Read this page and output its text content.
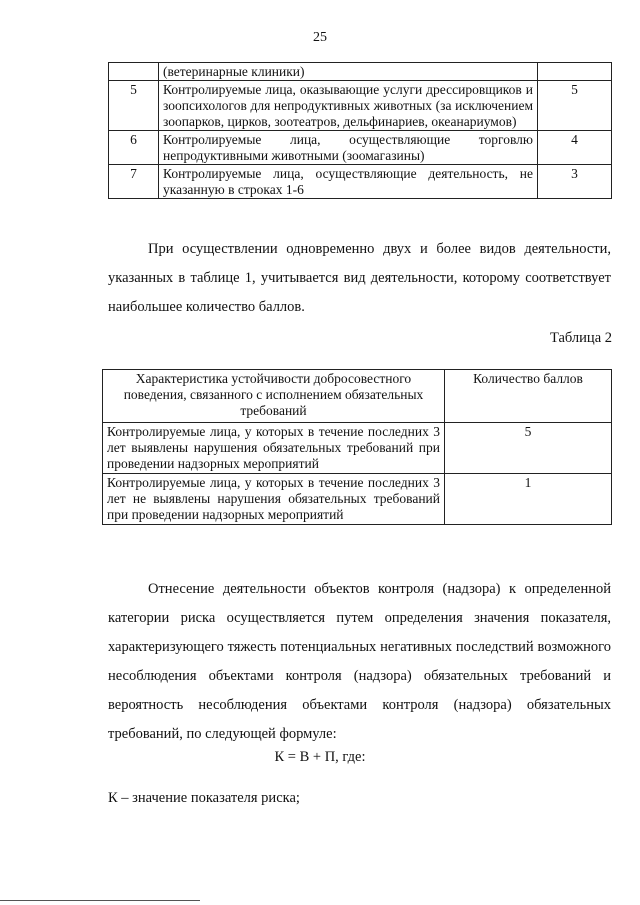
25
	(ветеринарные клиники)	
5	Контролируемые лица, оказывающие услуги дрессировщиков и зоопсихологов для непродуктивных животных (за исключением зоопарков, цирков, зоотеатров, дельфинариев, океанариумов)	5
6	Контролируемые лица, осуществляющие торговлю непродуктивными животными (зоомагазины)	4
7	Контролируемые лица, осуществляющие деятельность, не указанную в строках 1-6	3
При осуществлении одновременно двух и более видов деятельности, указанных в таблице 1, учитывается вид деятельности, которому соответствует наибольшее количество баллов.
Таблица 2
Характеристика устойчивости добросовестного поведения, связанного с исполнением обязательных требований	Количество баллов
Контролируемые лица, у которых в течение последних 3 лет выявлены нарушения обязательных требований при проведении надзорных мероприятий	5
Контролируемые лица, у которых в течение последних 3 лет не выявлены нарушения обязательных требований при проведении надзорных мероприятий	1
Отнесение деятельности объектов контроля (надзора) к определенной категории риска осуществляется путем определения значения показателя, характеризующего тяжесть потенциальных негативных последствий возможного несоблюдения объектами контроля (надзора) обязательных требований и вероятность несоблюдения объектами контроля (надзора) обязательных требований, по следующей формуле:
К = В + П, где:
К – значение показателя риска;
